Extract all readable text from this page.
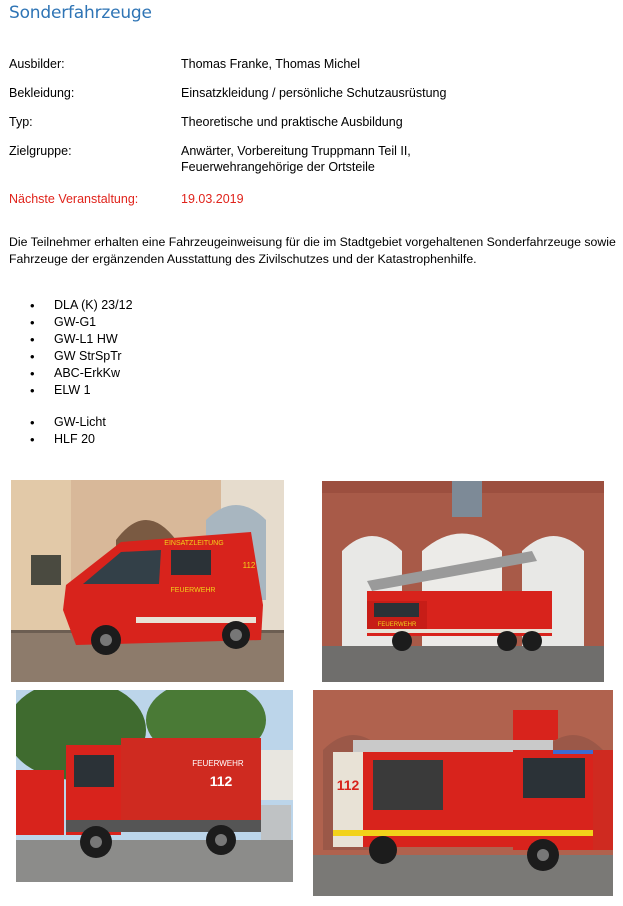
Sonderfahrzeuge
Ausbilder:	Thomas Franke, Thomas Michel
Bekleidung:	Einsatzkleidung / persönliche Schutzausrüstung
Typ:	Theoretische und praktische Ausbildung
Zielgruppe:	Anwärter, Vorbereitung Truppmann Teil II,
Feuerwehrangehörige der Ortsteile
Nächste Veranstaltung:	19.03.2019

Die Teilnehmer erhalten eine Fahrzeugeinweisung für die im Stadtgebiet vorgehaltenen Sonderfahrzeuge sowie Fahrzeuge der ergänzenden Ausstattung des Zivilschutzes und der Katastrophenhilfe.

• DLA (K) 23/12
• GW-G1
• GW-L1 HW
• GW StrSpTr
• ABC-ErkKw
• ELW 1
• GW-Licht
• HLF 20
EINSATZLEITUNG
FEUERWEHR
112
FEUERWEHR
FEUERWEHR
112	112
